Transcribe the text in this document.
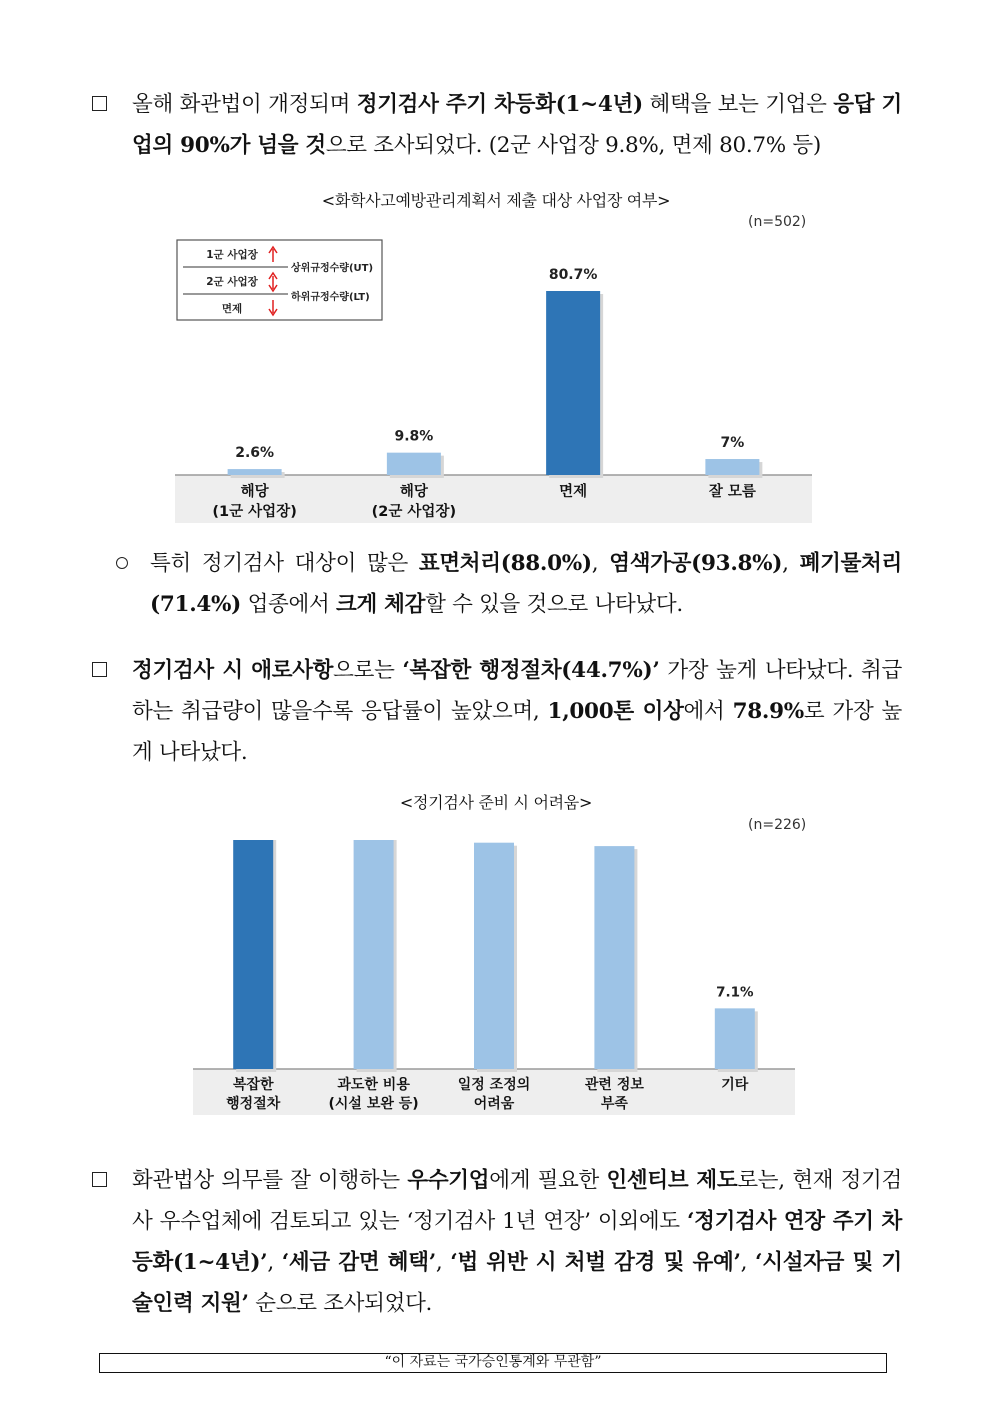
올해 화관법이 개정되며 정기검사 주기 차등화(1~4년) 혜택을 보는 기업은 응답 기업의 90%가 넘을 것으로 조사되었다. (2군 사업장 9.8%, 면제 80.7% 등)

<화학사고예방관리계획서 제출 대상 사업장 여부>
(n=502)
1군 사업장
2군 사업장
면제
상위규정수량(UT)
하위규정수량(LT)
2.6%
해당
(1군 사업장)
9.8%
해당
(2군 사업장)
80.7%
면제
7%
잘 모름

특히 정기검사 대상이 많은 표면처리(88.0%), 염색가공(93.8%), 폐기물처리(71.4%) 업종에서 크게 체감할 수 있을 것으로 나타났다.

정기검사 시 애로사항으로는 ‘복잡한 행정절차(44.7%)’ 가장 높게 나타났다. 취급하는 취급량이 많을수록 응답률이 높았으며, 1,000톤 이상에서 78.9%로 가장 높게 나타났다.

<정기검사 준비 시 어려움>
(n=226)
복잡한
행정절차
과도한 비용
(시설 보완 등)
일정 조정의
어려움
관련 정보
부족
7.1%
기타

화관법상 의무를 잘 이행하는 우수기업에게 필요한 인센티브 제도로는, 현재 정기검사 우수업체에 검토되고 있는 ‘정기검사 1년 연장’ 이외에도 ‘정기검사 연장 주기 차등화(1~4년)’, ‘세금 감면 혜택’, ‘법 위반 시 처벌 감경 및 유예’, ‘시설자금 및 기술인력 지원’ 순으로 조사되었다.

“이 자료는 국가승인통계와 무관함”
